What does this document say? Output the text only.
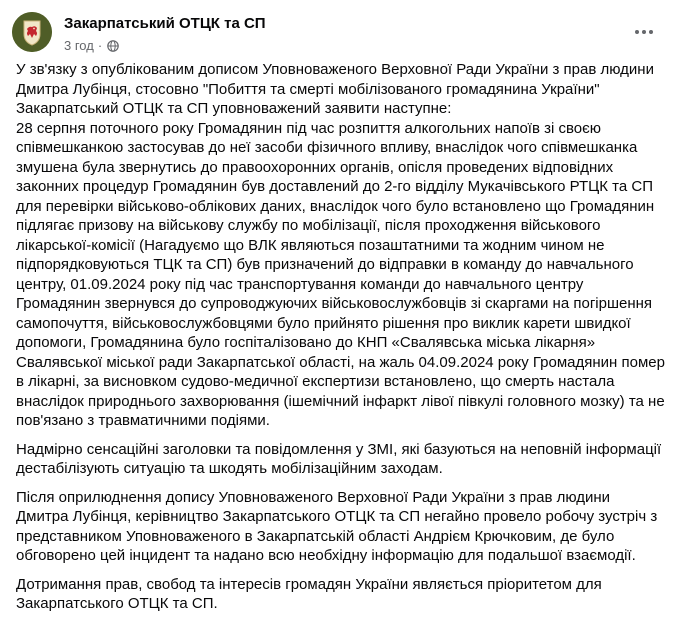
Закарпатський ОТЦК та СП
3 год ·

У зв'язку з опублікованим дописом Уповноваженого Верховної Ради України з прав людини
Дмитра Лубінця, стосовно "Побиття та смерті мобілізованого громадянина України"
Закарпатський ОТЦК та СП уповноважений заявити наступне:
28 серпня поточного року Громадянин під час розпиття алкогольних напоїв зі своєю
співмешканкою застосував до неї засоби фізичного впливу, внаслідок чого співмешканка
змушена була звернутись до правоохоронних органів, опісля проведених відповідних
законних процедур Громадянин був доставлений до 2-го відділу Мукачівського РТЦК та СП
для перевірки військово-облікових даних, внаслідок чого було встановлено що Громадянин
підлягає призову на військову службу по мобілізації, після проходження військового
лікарської-комісії (Нагадуємо що ВЛК являються позаштатними та жодним чином не
підпорядковуються ТЦК та СП) був призначений до відправки в команду до навчального
центру, 01.09.2024 року під час транспортування команди до навчального центру
Громадянин звернувся до супроводжуючих військовослужбовців зі скаргами на погіршення
самопочуття, військовослужбовцями було прийнято рішення про виклик карети швидкої
допомоги, Громадянина було госпіталізовано до КНП «Свалявська міська лікарня»
Свалявської міської ради Закарпатської області, на жаль 04.09.2024 року Громадянин помер
в лікарні, за висновком судово-медичної експертизи встановлено, що смерть настала
внаслідок природнього захворювання (ішемічний інфаркт лівої півкулі головного мозку) та не
пов'язано з травматичними подіями.

Надмірно сенсаційні заголовки та повідомлення у ЗМІ, які базуються на неповній інформації
дестабілізують ситуацію та шкодять мобілізаційним заходам.

Після оприлюднення допису Уповноваженого Верховної Ради України з прав людини
Дмитра Лубінця, керівництво Закарпатського ОТЦК та СП негайно провело робочу зустріч з
представником Уповноваженого в Закарпатській області Андрієм Крючковим, де було
обговорено цей інцидент та надано всю необхідну інформацію для подальшої взаємодії.

Дотримання прав, свобод та інтересів громадян України являється пріоритетом для
Закарпатського ОТЦК та СП.
